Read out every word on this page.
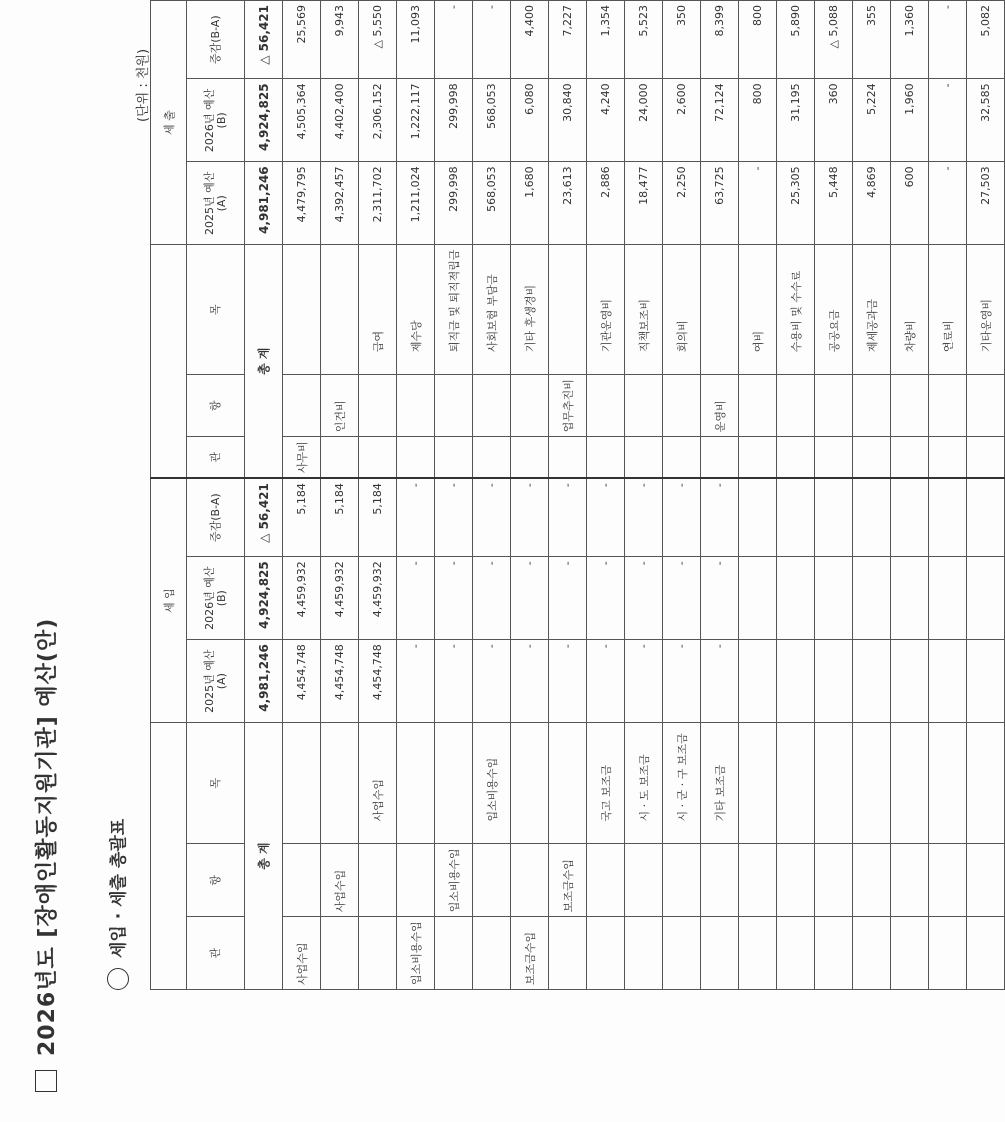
2026년도 [장애인활동지원기관] 예산(안)	세입 · 세출 총괄표
(단위 : 천원)
			세 입						세 출		
관	항	목	2025년 예산(A)	2026년 예산(B)	증감(B-A)	관	항	목	2025년 예산(A)	2026년 예산(B)	증감(B-A)
총 계			4,981,246	4,924,825	△ 56,421	총 계			4,981,246	4,924,825	△ 56,421
사업수입			4,454,748	4,459,932	5,184	사무비			4,479,795	4,505,364	25,569
	사업수입		4,454,748	4,459,932	5,184		인건비		4,392,457	4,402,400	9,943
		사업수입	4,454,748	4,459,932	5,184			급여	2,311,702	2,306,152	△ 5,550
입소비용수입			-	-	-			제수당	1,211,024	1,222,117	11,093
	입소비용수입		-	-	-			퇴직금 및 퇴직적립금	299,998	299,998	-
		입소비용수입	-	-	-			사회보험 부담금	568,053	568,053	-
보조금수입			-	-	-			기타 후생경비	1,680	6,080	4,400
	보조금수입		-	-	-		업무추진비		23,613	30,840	7,227
		국고 보조금	-	-	-			기관운영비	2,886	4,240	1,354
		시 · 도 보조금	-	-	-			직책보조비	18,477	24,000	5,523
		시 · 군 · 구 보조금	-	-	-			회의비	2,250	2,600	350
		기타 보조금	-	-	-		운영비		63,725	72,124	8,399
								여비	-	800	800
								수용비 및 수수료	25,305	31,195	5,890
								공공요금	5,448	360	△ 5,088
								제세공과금	4,869	5,224	355
								차량비	600	1,960	1,360
								연료비	-	-	-
								기타운영비	27,503	32,585	5,082
